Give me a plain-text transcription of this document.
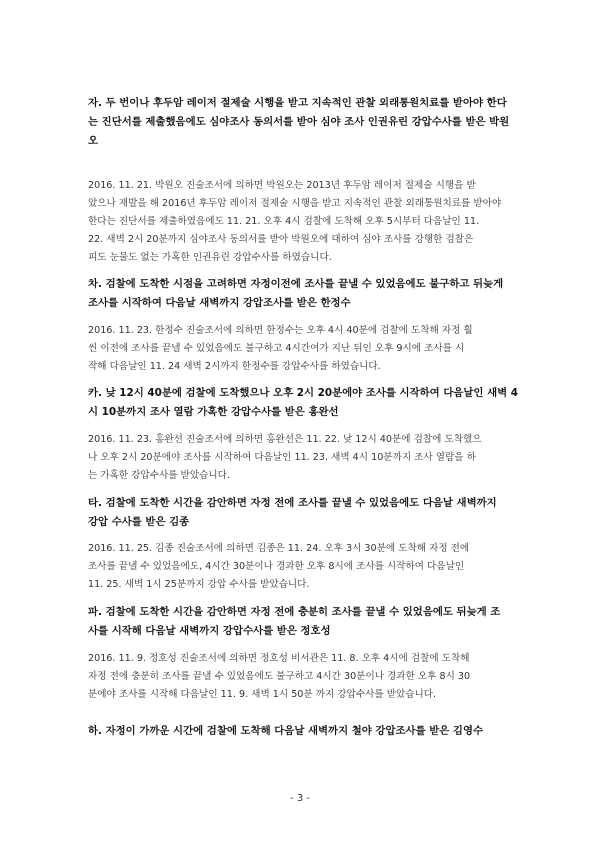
자. 두 번이나 후두암 레이저 절제술 시행을 받고 지속적인 관찰 외래통원치료를 받아야 한다
는 진단서를 제출했음에도 심야조사 동의서를 받아 심야 조사 인권유린 강압수사를 받은 박원
오
2016. 11. 21. 박원오 진술조서에 의하면 박원오는 2013년 후두암 레이저 절제술 시행을 받
았으나 재발을 해 2016년 후두암 레이저 절제술 시행을 받고 지속적인 관찰 외래통원치료를 받아야
한다는 진단서를 제출하였음에도 11. 21. 오후 4시 검찰에 도착해 오후 5시부터 다음날인 11.
22. 새벽 2시 20분까지 심야조사 동의서를 받아 박원오에 대하여 심야 조사를 강행한 검찰은
피도 눈물도 없는 가혹한 인권유린 강압수사를 하였습니다.
차. 검찰에 도착한 시점을 고려하면 자정이전에 조사를 끝낼 수 있었음에도 불구하고 뒤늦게
조사를 시작하여 다음날 새벽까지 강압조사를 받은 한정수
2016. 11. 23. 한정수 진술조서에 의하면 한정수는 오후 4시 40분에 검찰에 도착해 자정 훨
씬 이전에 조사를 끝낼 수 있었음에도 불구하고 4시간여가 지난 뒤인 오후 9시에 조사를 시
작해 다음날인 11. 24 새벽 2시까지 한정수를 강압수사를 하였습니다.
카. 낮 12시 40분에 검찰에 도착했으나 오후 2시 20분에야 조사를 시작하여 다음날인 새벽 4
시 10분까지 조사 열람 가혹한 강압수사를 받은 홍완선
2016. 11. 23. 홍완선 진술조서에 의하면 홍완선은 11. 22. 낮 12시 40분에 검찰에 도착했으
나 오후 2시 20분에야 조사를 시작하여 다음날인 11. 23. 새벽 4시 10분까지 조사 열람을 하
는 가혹한 강압수사를 받았습니다.
타. 검찰에 도착한 시간을 감안하면 자정 전에 조사를 끝낼 수 있었음에도 다음날 새벽까지
강압 수사를 받은 김종
2016. 11. 25. 김종 진술조서에 의하면 김종은 11. 24. 오후 3시 30분에 도착해 자정 전에
조사를 끝낼 수 있었음에도, 4시간 30분이나 경과한 오후 8시에 조사를 시작하여 다음날인
11. 25. 새벽 1시 25분까지 강압 수사를 받았습니다.
파. 검찰에 도착한 시간을 감안하면 자정 전에 충분히 조사를 끝낼 수 있었음에도 뒤늦게 조
사를 시작해 다음날 새벽까지 강압수사를 받은 정호성
2016. 11. 9. 정호성 진술조서에 의하면 정호성 비서관은 11. 8. 오후 4시에 검찰에 도착해
자정 전에 충분히 조사를 끝낼 수 있었음에도 불구하고 4시간 30분이나 경과한 오후 8시 30
분에야 조사를 시작해 다음날인 11. 9. 새벽 1시 50분 까지 강압수사를 받았습니다.
하. 자정이 가까운 시간에 검찰에 도착해 다음날 새벽까지 철야 강압조사를 받은 김영수
- 3 -
